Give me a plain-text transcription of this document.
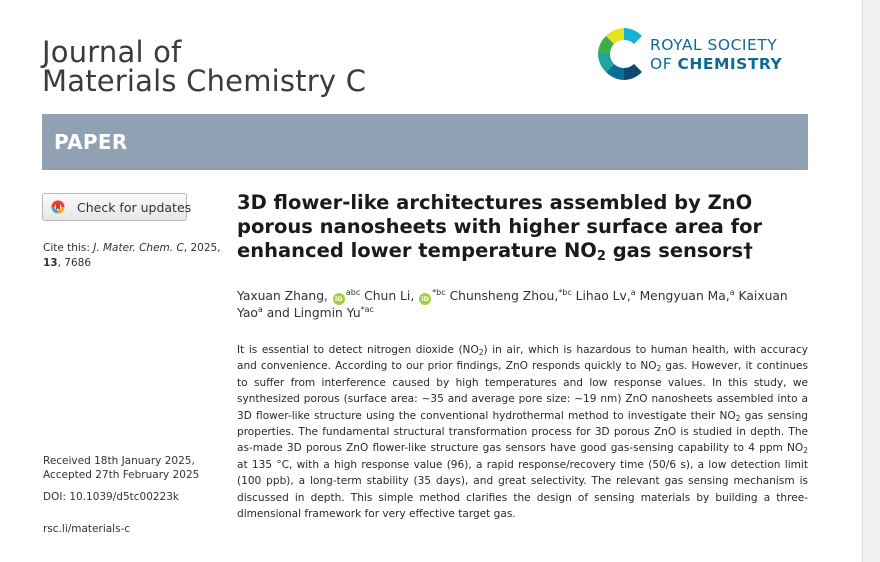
Journal of
Materials Chemistry C
ROYAL SOCIETY
OF CHEMISTRY
PAPER
Check for updates
Cite this: J. Mater. Chem. C, 2025, 13, 7686
Received 18th January 2025,
Accepted 27th February 2025
DOI: 10.1039/d5tc00223k
rsc.li/materials-c
3D flower-like architectures assembled by ZnO porous nanosheets with higher surface area for enhanced lower temperature $NO_2$ gas sensors†
Yaxuan Zhang, $iD^{abc}$ Chun Li, $iD^{*bc}$ Chunsheng Zhou,$^{*bc}$ Lihao Lv,$^a$ Mengyuan Ma,$^a$ Kaixuan Yao$^a$ and Lingmin $Yu^{*ac}$
It is essential to detect nitrogen dioxide $(NO_2)$ in air, which is hazardous to human health, with accuracy and convenience. According to our prior findings, ZnO responds quickly to $NO_2$ gas. However, it continues to suffer from interference caused by high temperatures and low response values. In this study, we synthesized porous (surface area: ∼35 and average pore size: ∼19 nm) ZnO nanosheets assembled into a 3D flower-like structure using the conventional hydrothermal method to investigate their $NO_2$ gas sensing properties. The fundamental structural transformation process for 3D porous ZnO is studied in depth. The as-made 3D porous ZnO flower-like structure gas sensors have good gas-sensing capability to 4 ppm $NO_2$ at 135 °C, with a high response value (96), a rapid response/recovery time (50/6 s), a low detection limit (100 ppb), a long-term stability (35 days), and great selectivity. The relevant gas sensing mechanism is discussed in depth. This simple method clarifies the design of sensing materials by building a three-dimensional framework for very effective target gas.
